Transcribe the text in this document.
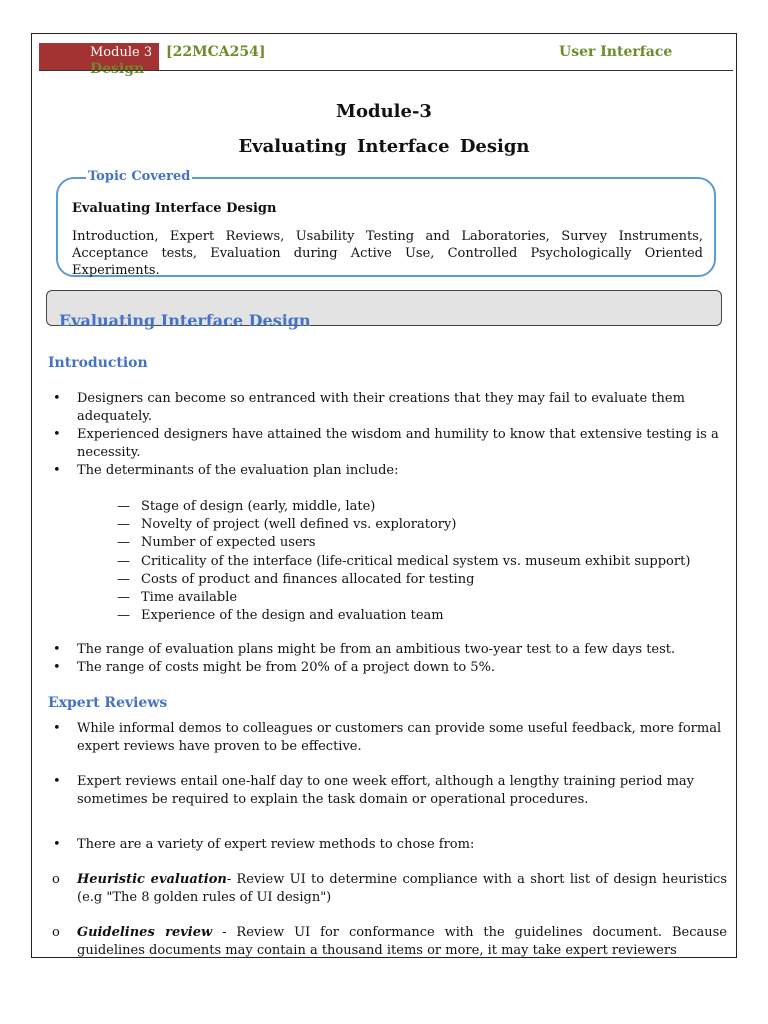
Module 3 [22MCA254]	User Interface
Design
Module-3
Evaluating Interface Design
Topic Covered
Evaluating Interface Design
Introduction, Expert Reviews, Usability Testing and Laboratories, Survey Instruments, Acceptance tests, Evaluation during Active Use, Controlled Psychologically Oriented Experiments.
Evaluating Interface Design
Introduction
• Designers can become so entranced with their creations that they may fail to evaluate them adequately.
• Experienced designers have attained the wisdom and humility to know that extensive testing is a necessity.
• The determinants of the evaluation plan include:
— Stage of design (early, middle, late)
— Novelty of project (well defined vs. exploratory)
— Number of expected users
— Criticality of the interface (life-critical medical system vs. museum exhibit support)
— Costs of product and finances allocated for testing
— Time available
— Experience of the design and evaluation team
• The range of evaluation plans might be from an ambitious two-year test to a few days test.
• The range of costs might be from 20% of a project down to 5%.
Expert Reviews
•	While informal demos to colleagues or customers can provide some useful feedback, more formal expert reviews have proven to be effective.
•	Expert reviews entail one-half day to one week effort, although a lengthy training period may sometimes be required to explain the task domain or operational procedures.
•	There are a variety of expert review methods to chose from:
o	Heuristic evaluation- Review UI to determine compliance with a short list of design heuristics (e.g "The 8 golden rules of UI design")
o	Guidelines review - Review UI for conformance with the guidelines document. Because guidelines documents may contain a thousand items or more, it may take expert reviewers
